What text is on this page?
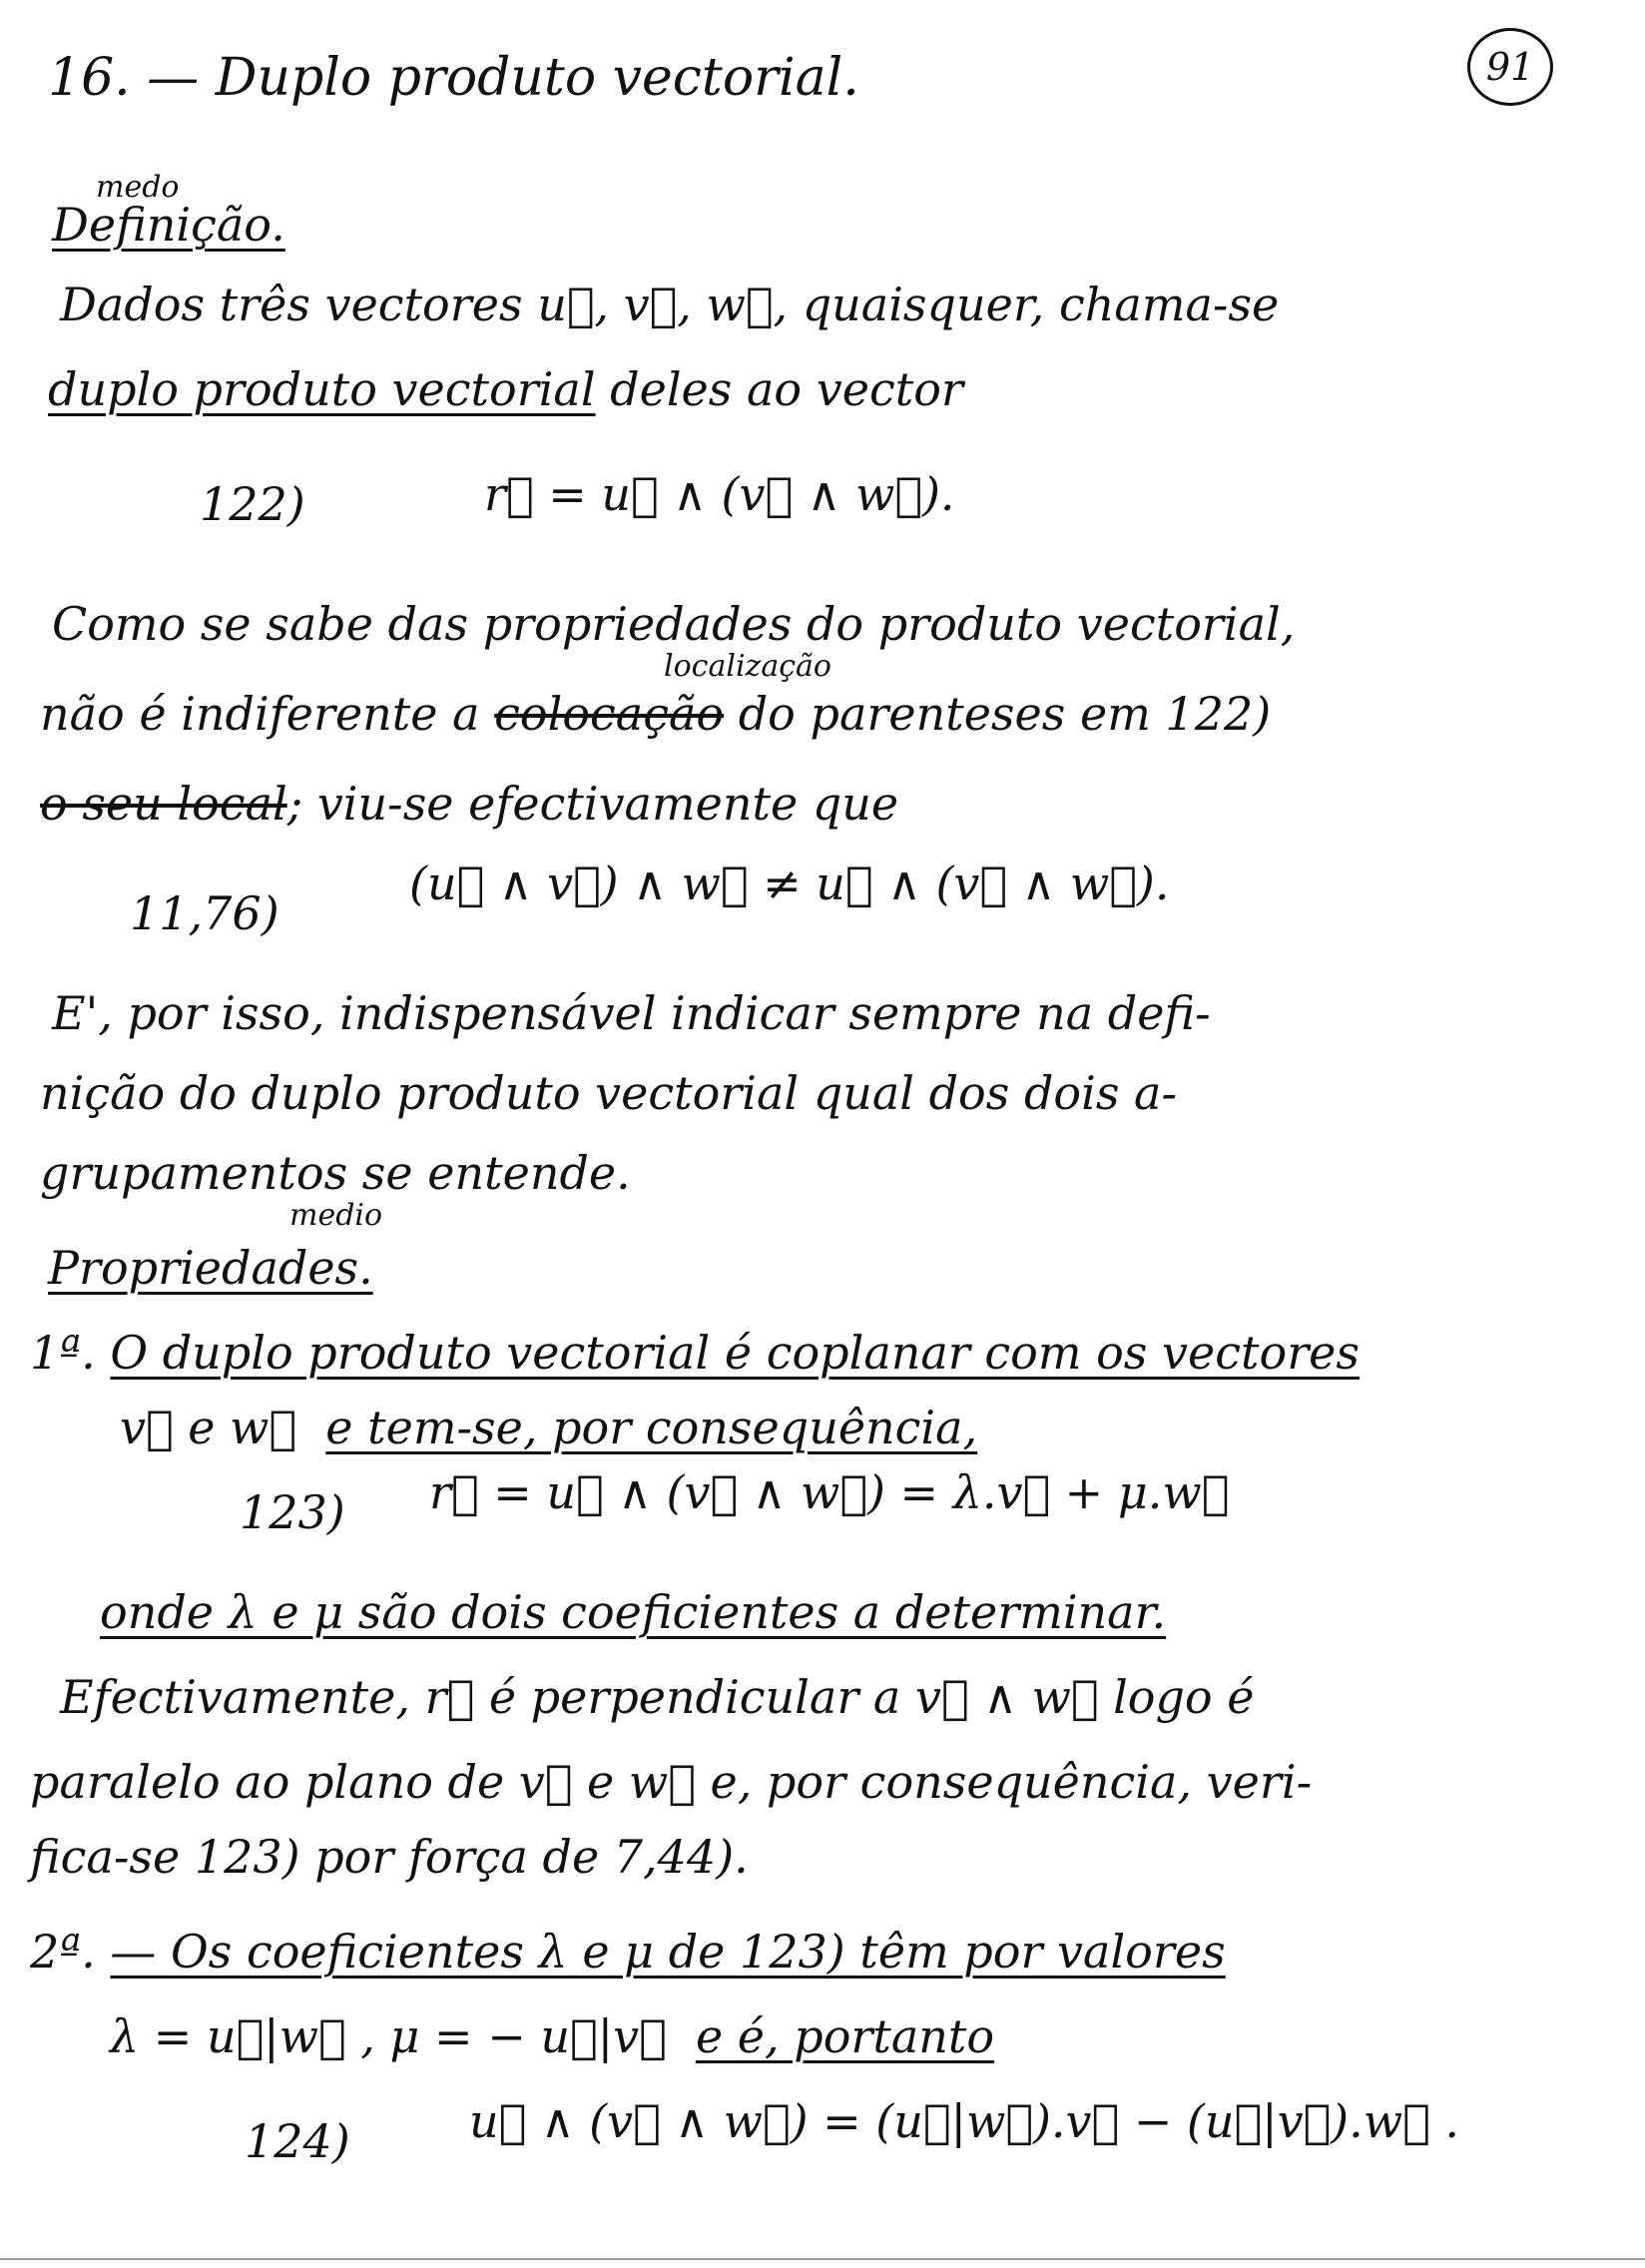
91
16. — Duplo produto vectorial.
medo
Definição.
Dados três vectores u⃗, v⃗, w⃗, quaisquer, chama-se
duplo produto vectorial deles ao vector
122)	r⃗ = u⃗ ∧ (v⃗ ∧ w⃗).
Como se sabe das propriedades do produto vectorial,
localização
não é indiferente a colocação do parenteses em 122)
o seu local; viu-se efectivamente que
11,76)
(u⃗ ∧ v⃗) ∧ w⃗ ≠ u⃗ ∧ (v⃗ ∧ w⃗).
E', por isso, indispensável indicar sempre na defi-
nição do duplo produto vectorial qual dos dois a-
grupamentos se entende.
medio
Propriedades.
1ª. O duplo produto vectorial é coplanar com os vectores
v⃗ e w⃗ e tem-se, por consequência,
123) r⃗ = u⃗ ∧ (v⃗ ∧ w⃗) = λ.v⃗ + μ.w⃗
onde λ e μ são dois coeficientes a determinar.
Efectivamente, r⃗ é perpendicular a v⃗ ∧ w⃗ logo é
paralelo ao plano de v⃗ e w⃗ e, por consequência, veri-
fica-se 123) por força de 7,44).
2ª. — Os coeficientes λ e μ de 123) têm por valores
λ = u⃗|w⃗ , μ = − u⃗|v⃗ e é, portanto
124)	u⃗ ∧ (v⃗ ∧ w⃗) = (u⃗|w⃗).v⃗ − (u⃗|v⃗).w⃗ .
